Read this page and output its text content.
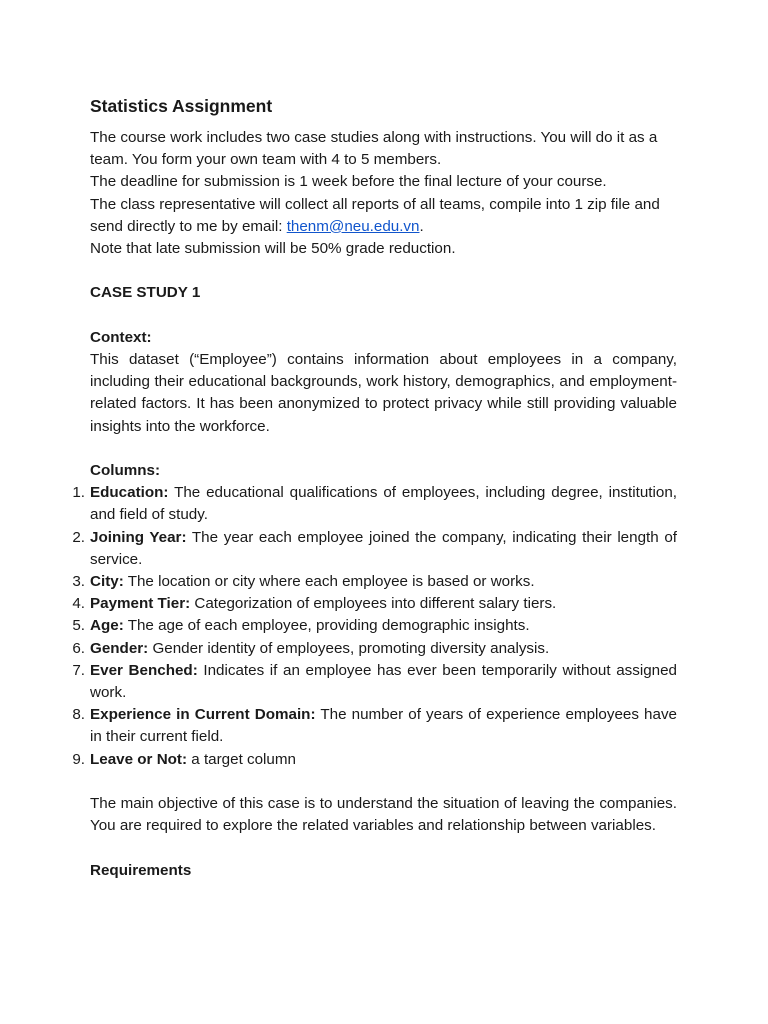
Statistics Assignment

The course work includes two case studies along with instructions. You will do it as a team. You form your own team with 4 to 5 members.

The deadline for submission is 1 week before the final lecture of your course.

The class representative will collect all reports of all teams, compile into 1 zip file and send directly to me by email: thenm@neu.edu.vn.

Note that late submission will be 50% grade reduction.

CASE STUDY 1

Context:

This dataset (“Employee”) contains information about employees in a company, including their educational backgrounds, work history, demographics, and employment-related factors. It has been anonymized to protect privacy while still providing valuable insights into the workforce.

Columns:

1. Education: The educational qualifications of employees, including degree, institution, and field of study.
2. Joining Year: The year each employee joined the company, indicating their length of service.
3. City: The location or city where each employee is based or works.
4. Payment Tier: Categorization of employees into different salary tiers.
5. Age: The age of each employee, providing demographic insights.
6. Gender: Gender identity of employees, promoting diversity analysis.
7. Ever Benched: Indicates if an employee has ever been temporarily without assigned work.
8. Experience in Current Domain: The number of years of experience employees have in their current field.
9. Leave or Not: a target column

The main objective of this case is to understand the situation of leaving the companies. You are required to explore the related variables and relationship between variables.

Requirements
